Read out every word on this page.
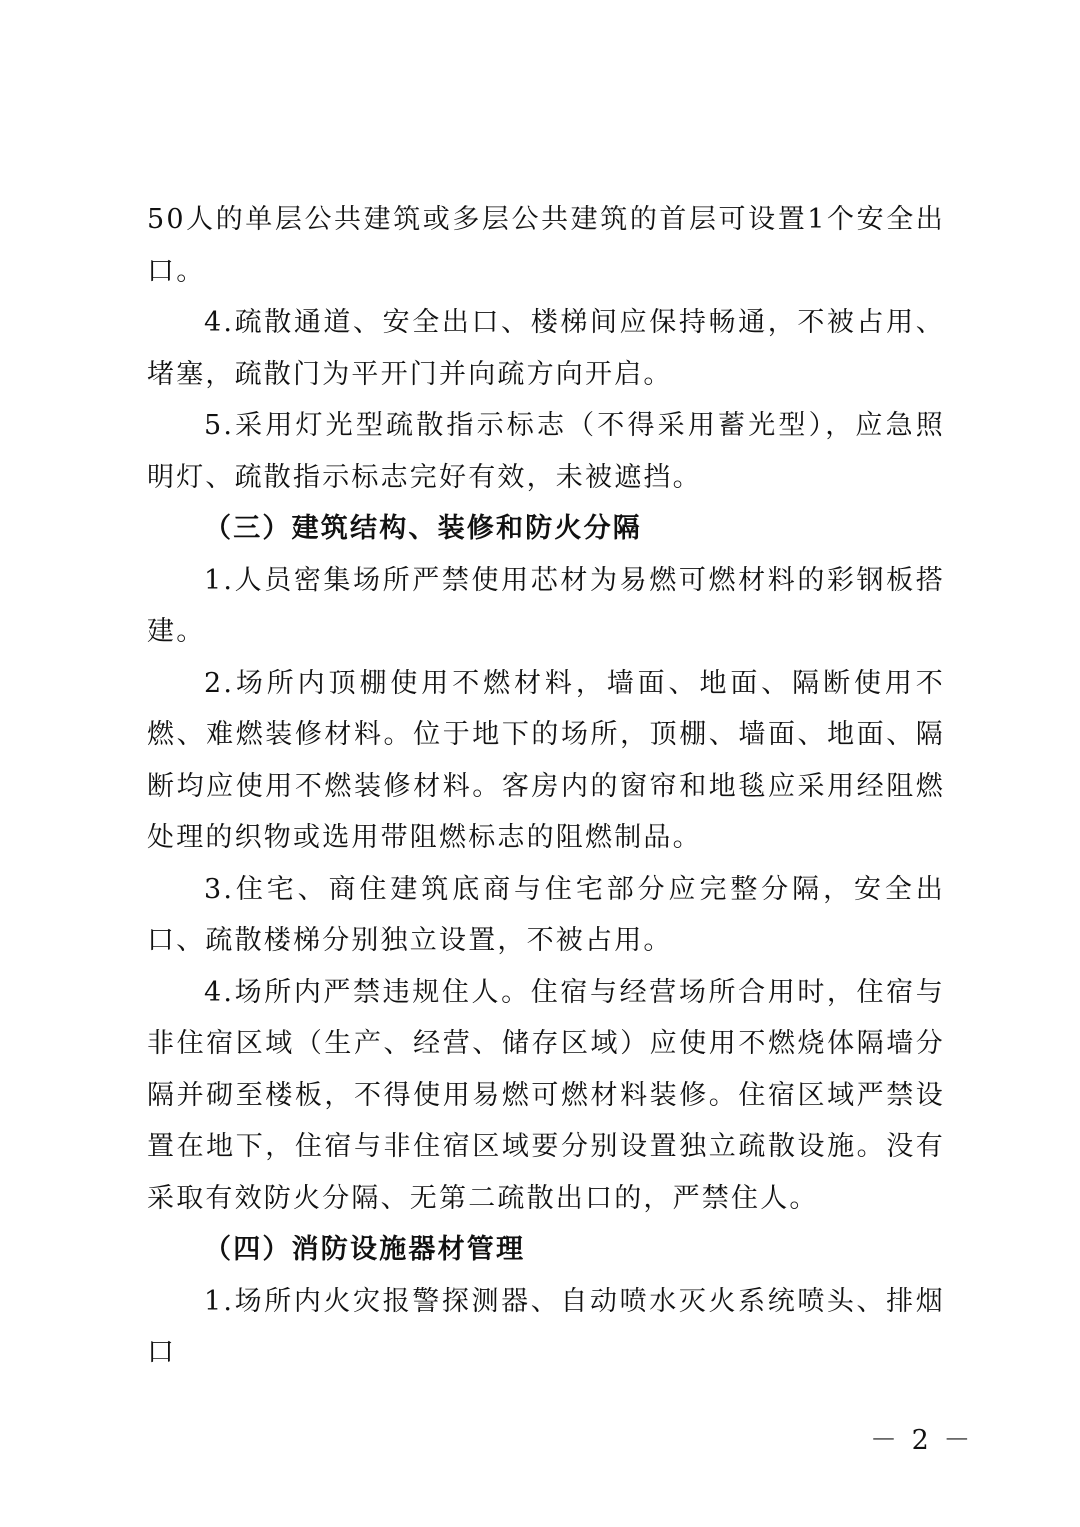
50人的单层公共建筑或多层公共建筑的首层可设置1个安全出口。

4.疏散通道、安全出口、楼梯间应保持畅通，不被占用、堵塞，疏散门为平开门并向疏方向开启。

5.采用灯光型疏散指示标志（不得采用蓄光型），应急照明灯、疏散指示标志完好有效，未被遮挡。

（三）建筑结构、装修和防火分隔

1.人员密集场所严禁使用芯材为易燃可燃材料的彩钢板搭建。

2.场所内顶棚使用不燃材料，墙面、地面、隔断使用不燃、难燃装修材料。位于地下的场所，顶棚、墙面、地面、隔断均应使用不燃装修材料。客房内的窗帘和地毯应采用经阻燃处理的织物或选用带阻燃标志的阻燃制品。

3.住宅、商住建筑底商与住宅部分应完整分隔，安全出口、疏散楼梯分别独立设置，不被占用。

4.场所内严禁违规住人。住宿与经营场所合用时，住宿与非住宿区域（生产、经营、储存区域）应使用不燃烧体隔墙分隔并砌至楼板，不得使用易燃可燃材料装修。住宿区域严禁设置在地下，住宿与非住宿区域要分别设置独立疏散设施。没有采取有效防火分隔、无第二疏散出口的，严禁住人。

（四）消防设施器材管理

1.场所内火灾报警探测器、自动喷水灭火系统喷头、排烟口

－ 2 －
